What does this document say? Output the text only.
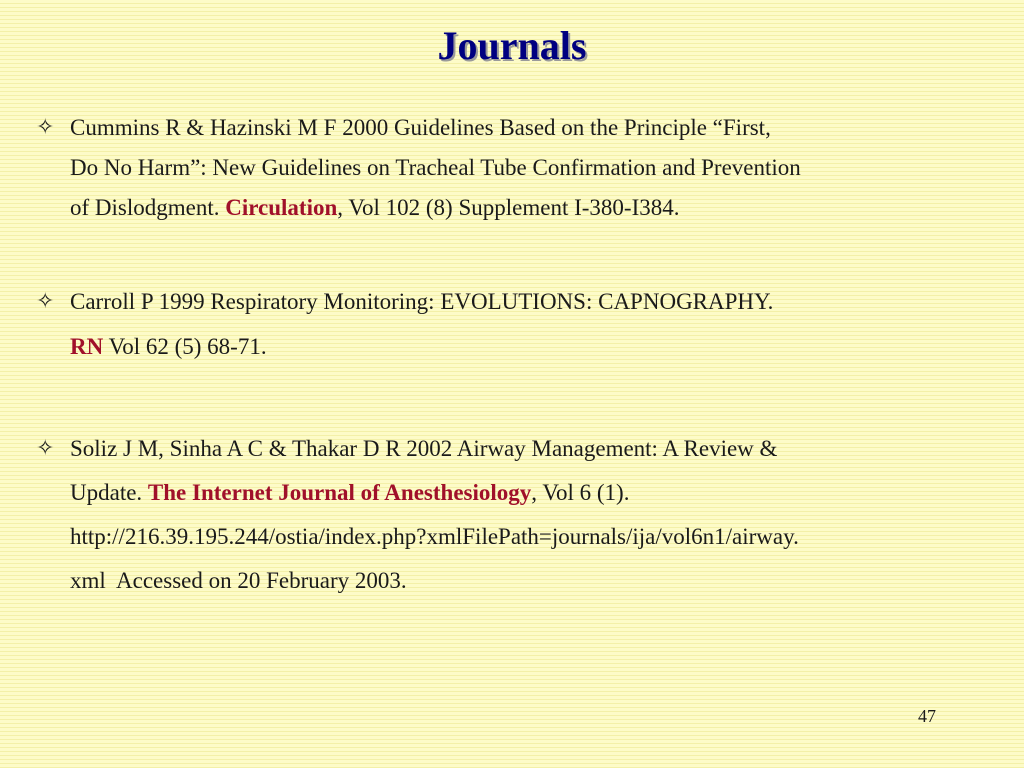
Journals
✧ Cummins R & Hazinski M F 2000 Guidelines Based on the Principle “First,
Do No Harm”: New Guidelines on Tracheal Tube Confirmation and Prevention
of Dislodgment. Circulation, Vol 102 (8) Supplement I-380-I384.
✧ Carroll P 1999 Respiratory Monitoring: EVOLUTIONS: CAPNOGRAPHY.
RN Vol 62 (5) 68-71.
✧ Soliz J M, Sinha A C & Thakar D R 2002 Airway Management: A Review &
Update. The Internet Journal of Anesthesiology, Vol 6 (1).
http://216.39.195.244/ostia/index.php?xmlFilePath=journals/ija/vol6n1/airway.
xml  Accessed on 20 February 2003.
47
